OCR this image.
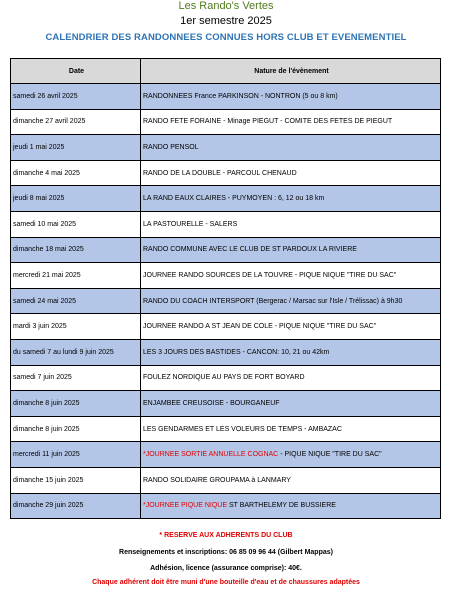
Les Rando's Vertes
1er semestre 2025
CALENDRIER DES RANDONNEES CONNUES HORS CLUB ET EVENEMENTIEL
Date	Nature de l'évènement
samedi 26 avril 2025	RANDONNEES France PARKINSON - NONTRON (5 ou 8 km)
dimanche 27 avril 2025	RANDO FETE FORAINE - Minage PIEGUT - COMITE DES FETES DE PIEGUT
jeudi 1 mai 2025	RANDO PENSOL
dimanche 4 mai 2025	RANDO DE LA DOUBLE - PARCOUL CHENAUD
jeudi 8 mai 2025	LA RAND EAUX CLAIRES - PUYMOYEN : 6, 12 ou 18 km
samedi 10 mai 2025	LA PASTOURELLE - SALERS
dimanche 18 mai 2025	RANDO COMMUNE AVEC LE CLUB DE ST PARDOUX LA RIVIERE
mercredi 21 mai 2025	JOURNEE RANDO SOURCES DE LA TOUVRE - PIQUE NIQUE "TIRE DU SAC"
samedi 24 mai 2025	RANDO DU COACH INTERSPORT (Bergerac / Marsac sur l'Isle / Trélissac) à 9h30
mardi 3 juin 2025	JOURNEE RANDO A ST JEAN DE COLE - PIQUE NIQUE "TIRE DU SAC"
du samedi 7 au lundi 9 juin 2025	LES 3 JOURS DES BASTIDES - CANCON: 10, 21 ou 42km
samedi 7 juin 2025	FOULEZ NORDIQUE AU PAYS DE FORT BOYARD
dimanche 8 juin 2025	ENJAMBEE CREUSOISE - BOURGANEUF
dimanche 8 juin 2025	LES GENDARMES ET LES VOLEURS DE TEMPS - AMBAZAC
mercredi 11 juin 2025	*JOURNEE SORTIE ANNUELLE COGNAC - PIQUE NIQUE "TIRE DU SAC"
dimanche 15 juin 2025	RANDO SOLIDAIRE GROUPAMA à LANMARY
dimanche 29 juin 2025	*JOURNEE PIQUE NIQUE ST BARTHELEMY DE BUSSIERE
* RESERVE AUX ADHERENTS DU CLUB
Renseignements et inscriptions: 06 85 09 96 44 (Gilbert Mappas)
Adhésion, licence (assurance comprise): 40€.
Chaque adhérent doit être muni d'une bouteille d'eau et de chaussures adaptées
